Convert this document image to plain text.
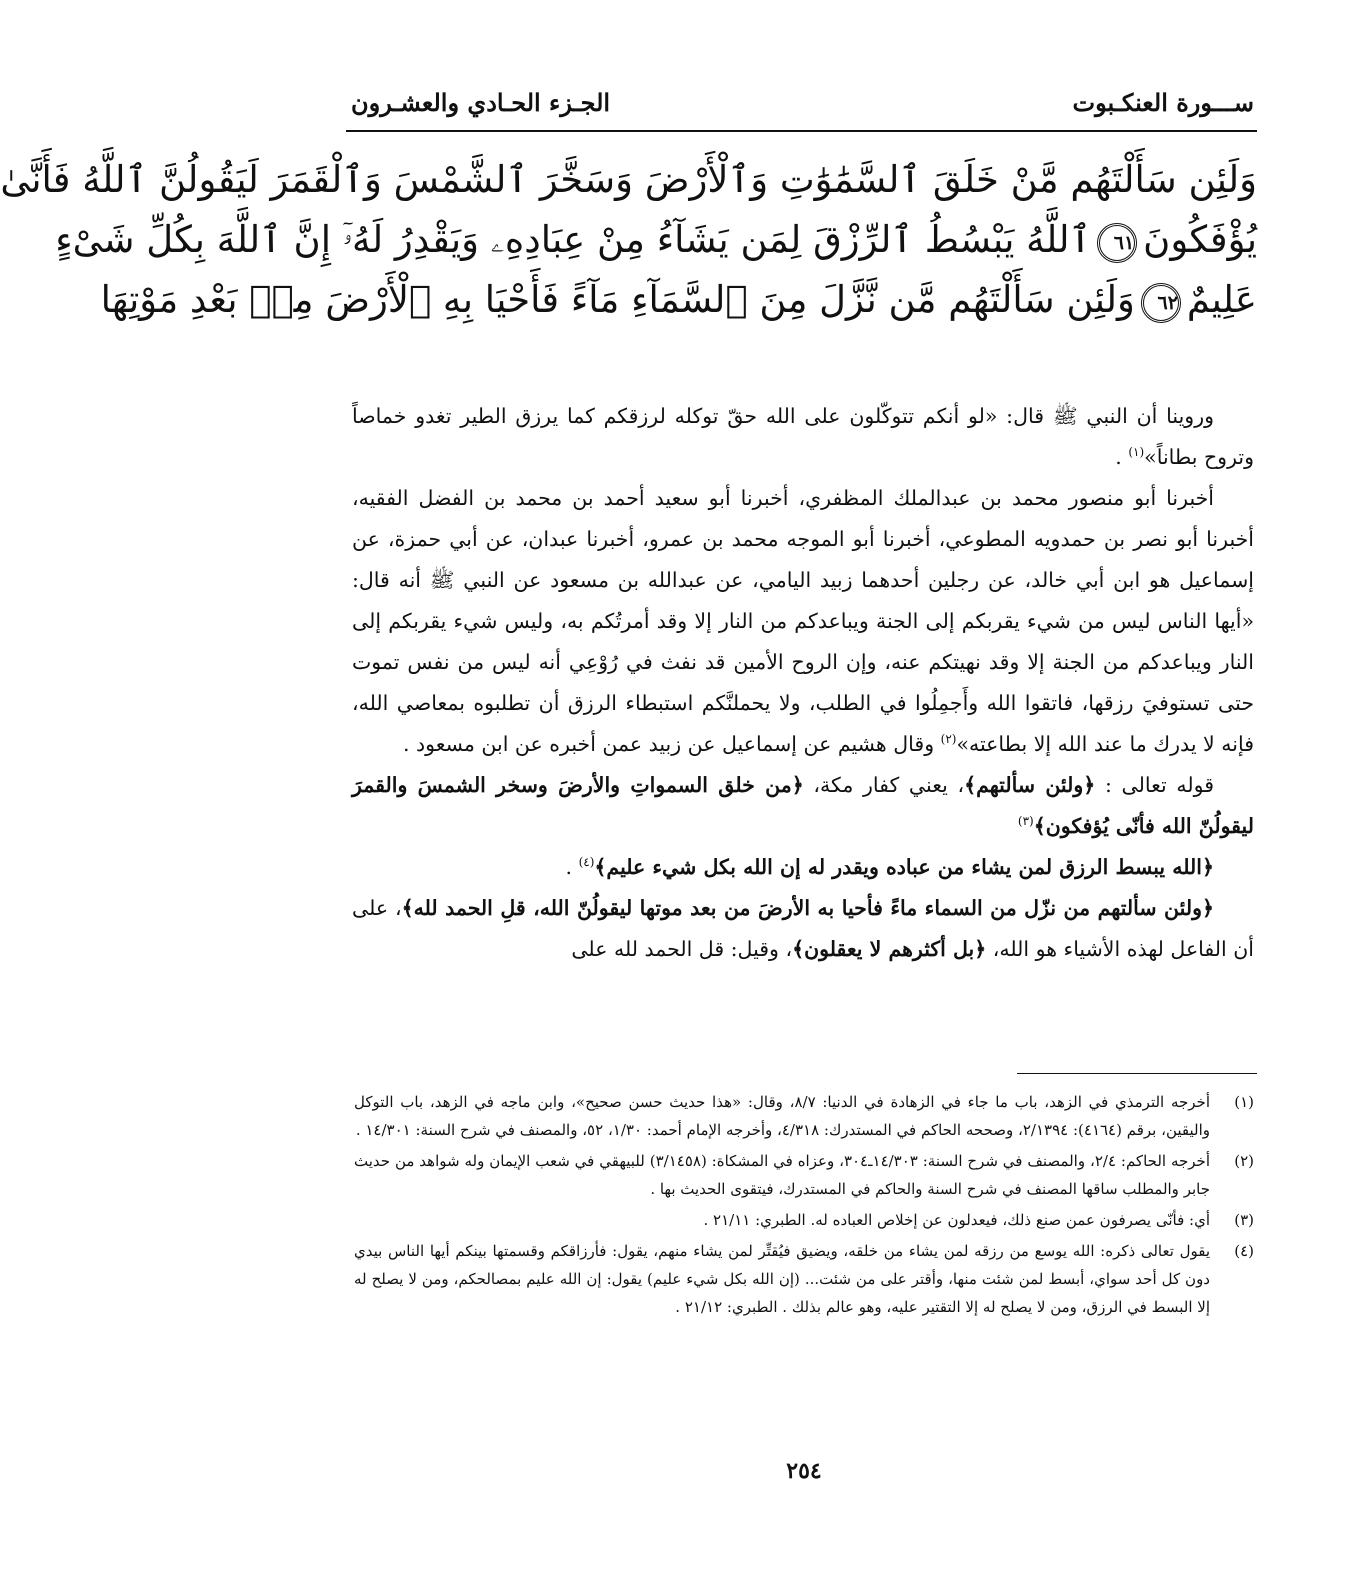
ســـورة العنكـبوت
الجـزء الحـادي والعشـرون
وَلَئِن سَأَلْتَهُم مَّنْ خَلَقَ ٱلسَّمَٰوَٰتِ وَٱلْأَرْضَ وَسَخَّرَ ٱلشَّمْسَ وَٱلْقَمَرَ لَيَقُولُنَّ ٱللَّهُ فَأَنَّىٰ
يُؤْفَكُونَ٦١ٱللَّهُ يَبْسُطُ ٱلرِّزْقَ لِمَن يَشَآءُ مِنْ عِبَادِهِۦ وَيَقْدِرُ لَهُۥٓ إِنَّ ٱللَّهَ بِكُلِّ شَىْءٍ
عَلِيمٌ٦٢وَلَئِن سَأَلْتَهُم مَّن نَّزَّلَ مِنَ ٱلسَّمَآءِ مَآءً فَأَحْيَا بِهِ ٱلْأَرْضَ مِنۢ بَعْدِ مَوْتِهَا

وروينا أن النبي ﷺ قال: «لو أنكم تتوكّلون على الله حقّ توكله لرزقكم كما يرزق الطير تغدو خماصاً وتروح بطاناً»$^{(١)}$ .

أخبرنا أبو منصور محمد بن عبدالملك المظفري، أخبرنا أبو سعيد أحمد بن محمد بن الفضل الفقيه، أخبرنا أبو نصر بن حمدويه المطوعي، أخبرنا أبو الموجه محمد بن عمرو، أخبرنا عبدان، عن أبي حمزة، عن إسماعيل هو ابن أبي خالد، عن رجلين أحدهما زبيد اليامي، عن عبدالله بن مسعود عن النبي ﷺ أنه قال: «أيها الناس ليس من شيء يقربكم إلى الجنة ويباعدكم من النار إلا وقد أمرتُكم به، وليس شيء يقربكم إلى النار ويباعدكم من الجنة إلا وقد نهيتكم عنه، وإن الروح الأمين قد نفث في رُوْعِي أنه ليس من نفس تموت حتى تستوفيَ رزقها، فاتقوا الله وأَجمِلُوا في الطلب، ولا يحملنَّكم استبطاء الرزق أن تطلبوه بمعاصي الله، فإنه لا يدرك ما عند الله إلا بطاعته»$^{(٢)}$ وقال هشيم عن إسماعيل عن زبيد عمن أخبره عن ابن مسعود .

قوله تعالى : ﴿ولئن سألتهم﴾، يعني كفار مكة، ﴿من خلق السمواتِ والأرضَ وسخر الشمسَ والقمرَ ليقولُنّ الله فأنّى يُؤفكون﴾$^{(٣)}$

﴿الله يبسط الرزق لمن يشاء من عباده ويقدر له إن الله بكل شيء عليم﴾$^{(٤)}$ .

﴿ولئن سألتهم من نزّل من السماء ماءً فأحيا به الأرضَ من بعد موتها ليقولُنّ الله، قلِ الحمد لله﴾، على أن الفاعل لهذه الأشياء هو الله، ﴿بل أكثرهم لا يعقلون﴾، وقيل: قل الحمد لله على

(١)
أخرجه الترمذي في الزهد، باب ما جاء في الزهادة في الدنيا: ٨/٧، وقال: «هذا حديث حسن صحيح»، وابن ماجه في الزهد، باب التوكل واليقين، برقم (٤١٦٤): ٢/١٣٩٤، وصححه الحاكم في المستدرك: ٤/٣١٨، وأخرجه الإمام أحمد: ١/٣٠، ٥٢، والمصنف في شرح السنة: ١٤/٣٠١ .
(٢)
أخرجه الحاكم: ٢/٤، والمصنف في شرح السنة: ١٤/٣٠٣ـ٣٠٤، وعزاه في المشكاة: (٣/١٤٥٨) للبيهقي في شعب الإيمان وله شواهد من حديث جابر والمطلب ساقها المصنف في شرح السنة والحاكم في المستدرك، فيتقوى الحديث بها .
(٣)
أي: فأنّى يصرفون عمن صنع ذلك، فيعدلون عن إخلاص العباده له. الطبري: ٢١/١١ .
(٤)
يقول تعالى ذكره: الله يوسع من رزقه لمن يشاء من خلقه، ويضيق فيُقتِّر لمن يشاء منهم، يقول: فأرزاقكم وقسمتها بينكم أيها الناس بيدي دون كل أحد سواي، أبسط لمن شئت منها، وأقتر على من شئت... (إن الله بكل شيء عليم) يقول: إن الله عليم بمصالحكم، ومن لا يصلح له إلا البسط في الرزق، ومن لا يصلح له إلا التقتير عليه، وهو عالم بذلك . الطبري: ٢١/١٢ .
٢٥٤
